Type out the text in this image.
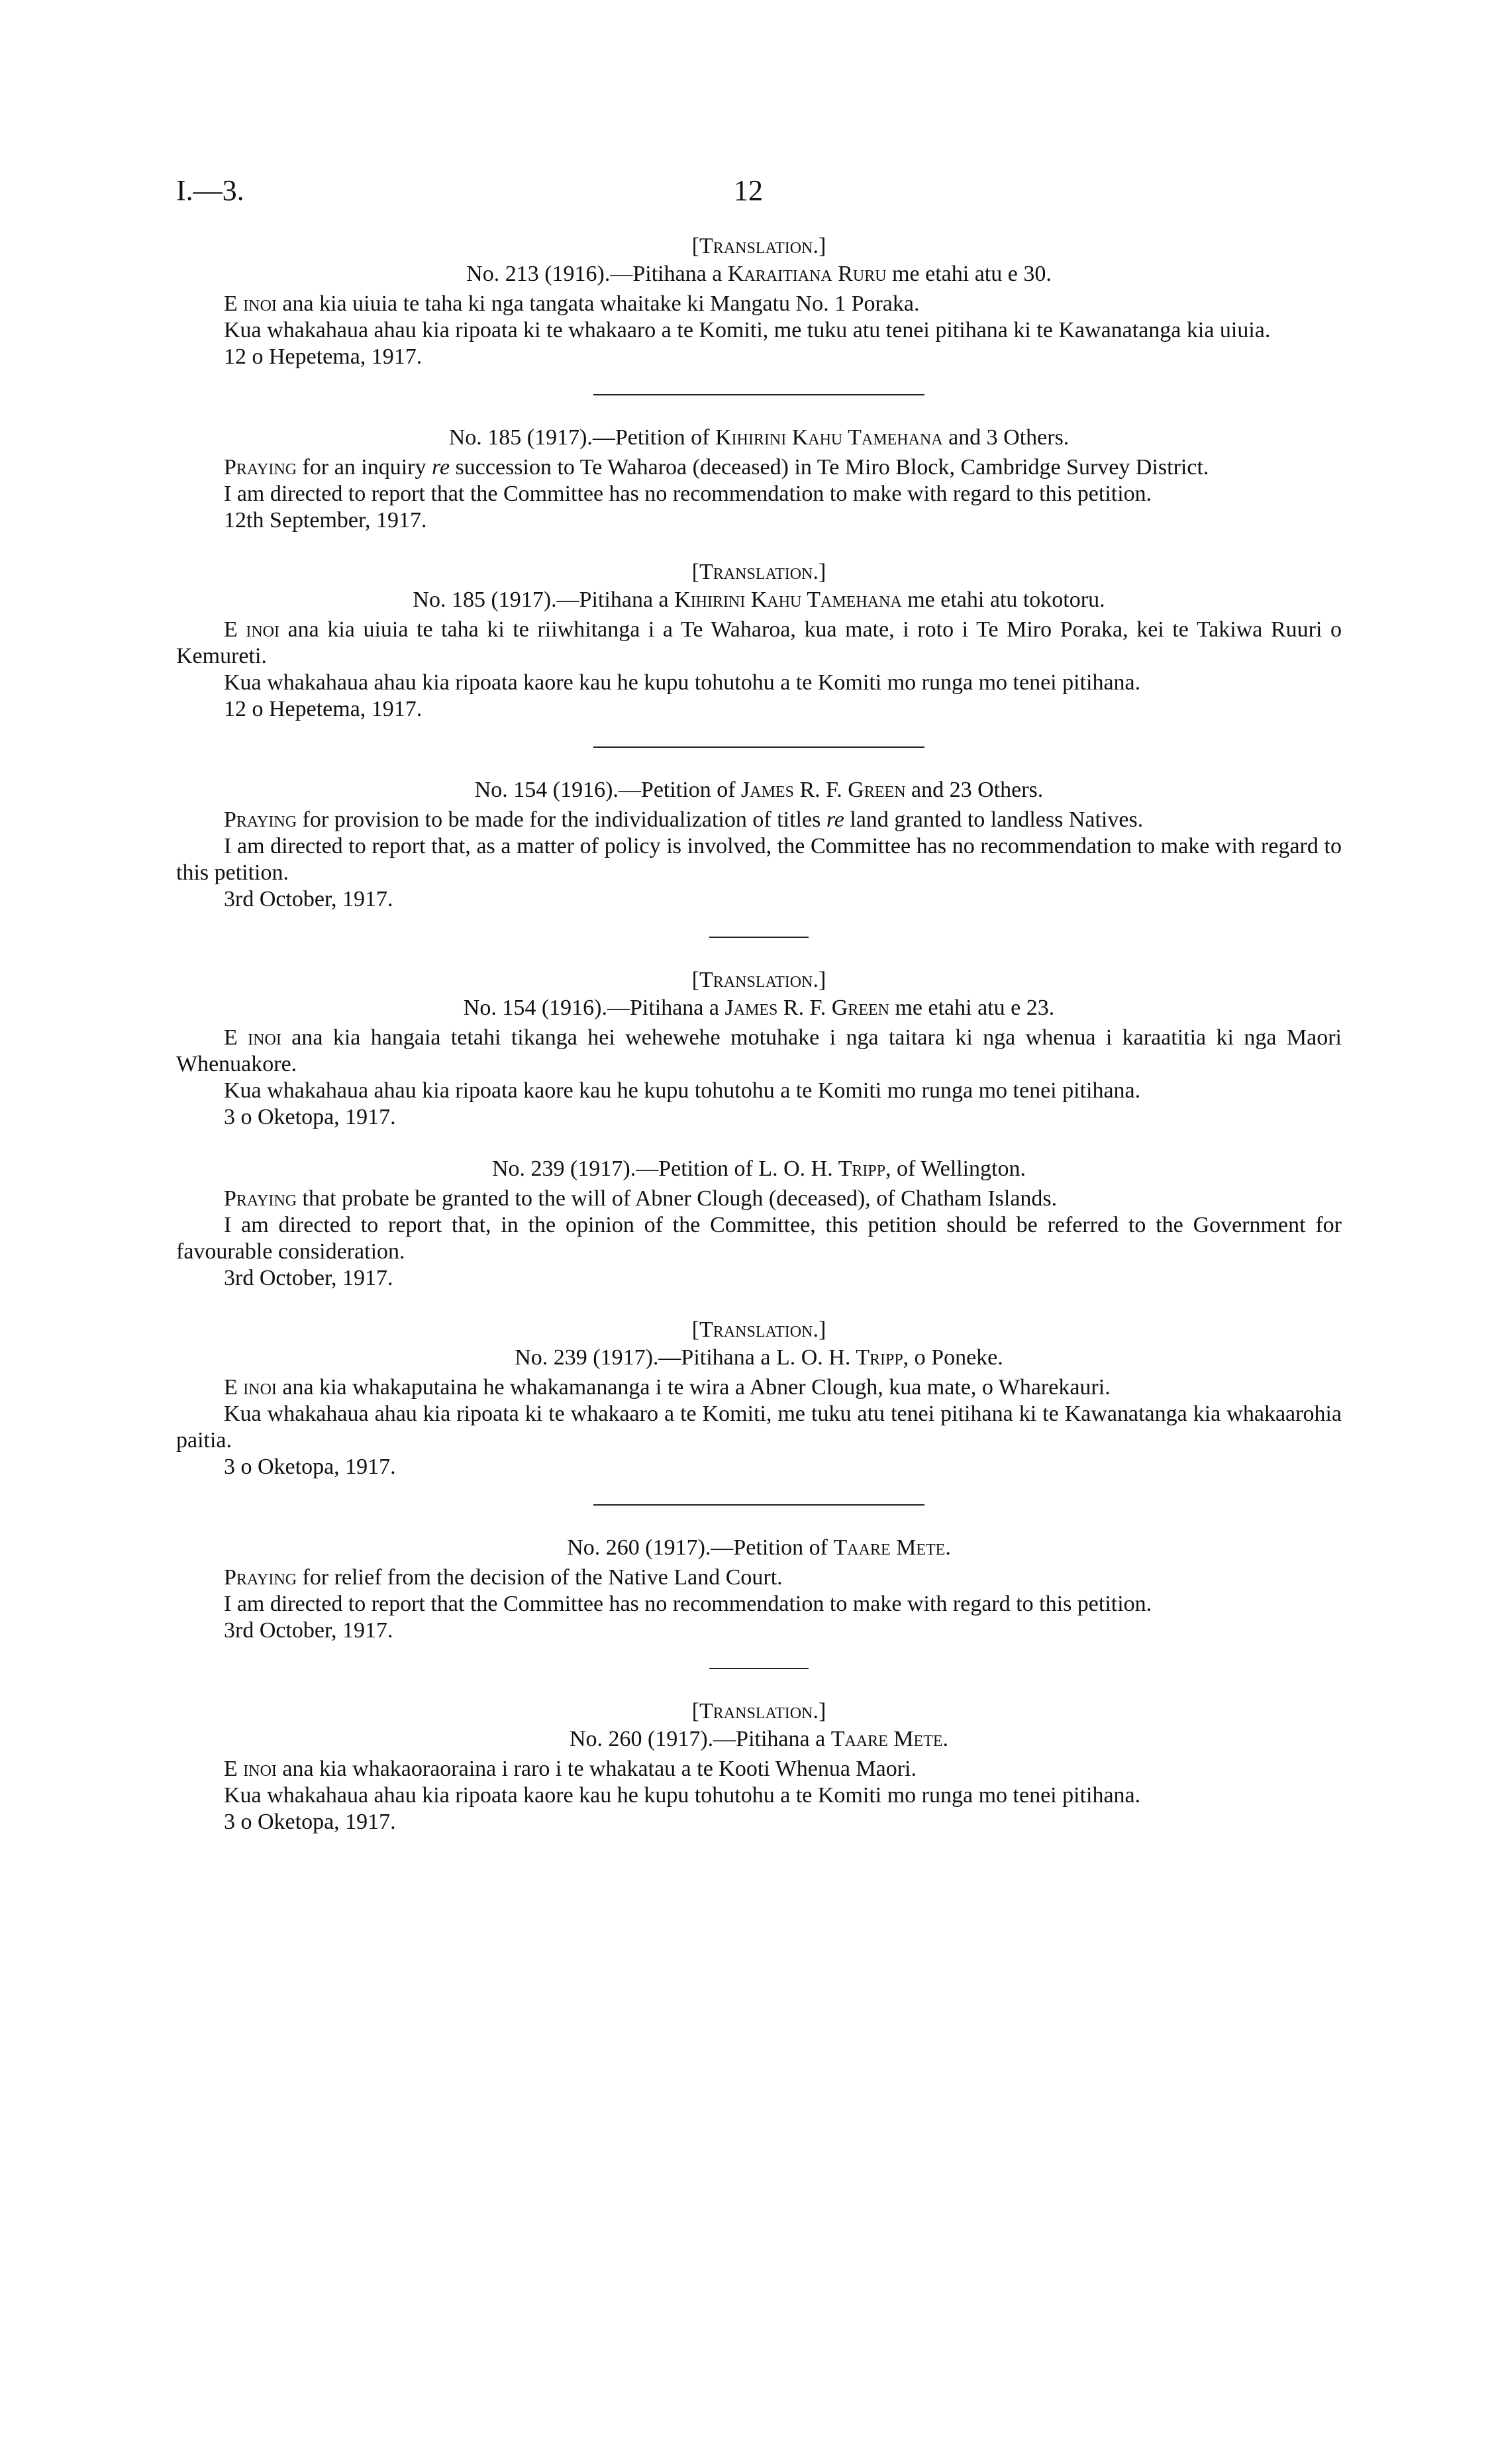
I.—3.	12
[Translation.]
No. 213 (1916).—Pitihana a Karaitiana Ruru me etahi atu e 30.

E inoi ana kia uiuia te taha ki nga tangata whaitake ki Mangatu No. 1 Poraka.

Kua whakahaua ahau kia ripoata ki te whakaaro a te Komiti, me tuku atu tenei pitihana ki te Kawanatanga kia uiuia.

12 o Hepetema, 1917.
No. 185 (1917).—Petition of Kihirini Kahu Tamehana and 3 Others.

Praying for an inquiry re succession to Te Waharoa (deceased) in Te Miro Block, Cambridge Survey District.

I am directed to report that the Committee has no recommendation to make with regard to this petition.

12th September, 1917.
[Translation.]
No. 185 (1917).—Pitihana a Kihirini Kahu Tamehana me etahi atu tokotoru.

E inoi ana kia uiuia te taha ki te riiwhitanga i a Te Waharoa, kua mate, i roto i Te Miro Poraka, kei te Takiwa Ruuri o Kemureti.

Kua whakahaua ahau kia ripoata kaore kau he kupu tohutohu a te Komiti mo runga mo tenei pitihana.

12 o Hepetema, 1917.
No. 154 (1916).—Petition of James R. F. Green and 23 Others.

Praying for provision to be made for the individualization of titles re land granted to landless Natives.

I am directed to report that, as a matter of policy is involved, the Committee has no recommendation to make with regard to this petition.

3rd October, 1917.
[Translation.]
No. 154 (1916).—Pitihana a James R. F. Green me etahi atu e 23.

E inoi ana kia hangaia tetahi tikanga hei wehewehe motuhake i nga taitara ki nga whenua i karaatitia ki nga Maori Whenuakore.

Kua whakahaua ahau kia ripoata kaore kau he kupu tohutohu a te Komiti mo runga mo tenei pitihana.

3 o Oketopa, 1917.
No. 239 (1917).—Petition of L. O. H. Tripp, of Wellington.

Praying that probate be granted to the will of Abner Clough (deceased), of Chatham Islands.

I am directed to report that, in the opinion of the Committee, this petition should be referred to the Government for favourable consideration.

3rd October, 1917.
[Translation.]
No. 239 (1917).—Pitihana a L. O. H. Tripp, o Poneke.

E inoi ana kia whakaputaina he whakamananga i te wira a Abner Clough, kua mate, o Wharekauri.

Kua whakahaua ahau kia ripoata ki te whakaaro a te Komiti, me tuku atu tenei pitihana ki te Kawanatanga kia whakaarohia paitia.

3 o Oketopa, 1917.
No. 260 (1917).—Petition of Taare Mete.

Praying for relief from the decision of the Native Land Court.

I am directed to report that the Committee has no recommendation to make with regard to this petition.

3rd October, 1917.
[Translation.]
No. 260 (1917).—Pitihana a Taare Mete.

E inoi ana kia whakaoraoraina i raro i te whakatau a te Kooti Whenua Maori.

Kua whakahaua ahau kia ripoata kaore kau he kupu tohutohu a te Komiti mo runga mo tenei pitihana.

3 o Oketopa, 1917.
